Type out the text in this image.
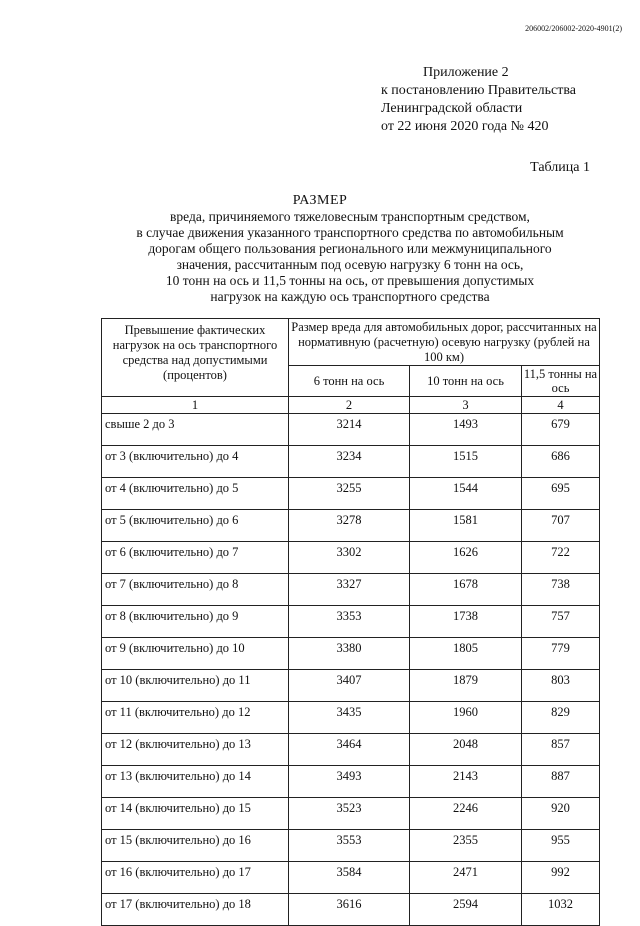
206002/206002-2020-4901(2)
Приложение 2
к постановлению Правительства
Ленинградской области
от 22 июня 2020 года № 420
Таблица 1
РАЗМЕР
вреда, причиняемого тяжеловесным транспортным средством,
в случае движения указанного транспортного средства по автомобильным
дорогам общего пользования регионального или межмуниципального
значения, рассчитанным под осевую нагрузку 6 тонн на ось,
10 тонн на ось и 11,5 тонны на ось, от превышения допустимых
нагрузок на каждую ось транспортного средства
Превышение фактических нагрузок на ось транспортного средства над допустимыми (процентов)	Размер вреда для автомобильных дорог, рассчитанных на нормативную (расчетную) осевую нагрузку (рублей на 100 км)		
	6 тонн на ось	10 тонн на ось	11,5 тонны на ось
1	2	3	4
свыше 2 до 3	3214	1493	679
от 3 (включительно) до 4	3234	1515	686
от 4 (включительно) до 5	3255	1544	695
от 5 (включительно) до 6	3278	1581	707
от 6 (включительно) до 7	3302	1626	722
от 7 (включительно) до 8	3327	1678	738
от 8 (включительно) до 9	3353	1738	757
от 9 (включительно) до 10	3380	1805	779
от 10 (включительно) до 11	3407	1879	803
от 11 (включительно) до 12	3435	1960	829
от 12 (включительно) до 13	3464	2048	857
от 13 (включительно) до 14	3493	2143	887
от 14 (включительно) до 15	3523	2246	920
от 15 (включительно) до 16	3553	2355	955
от 16 (включительно) до 17	3584	2471	992
от 17 (включительно) до 18	3616	2594	1032
